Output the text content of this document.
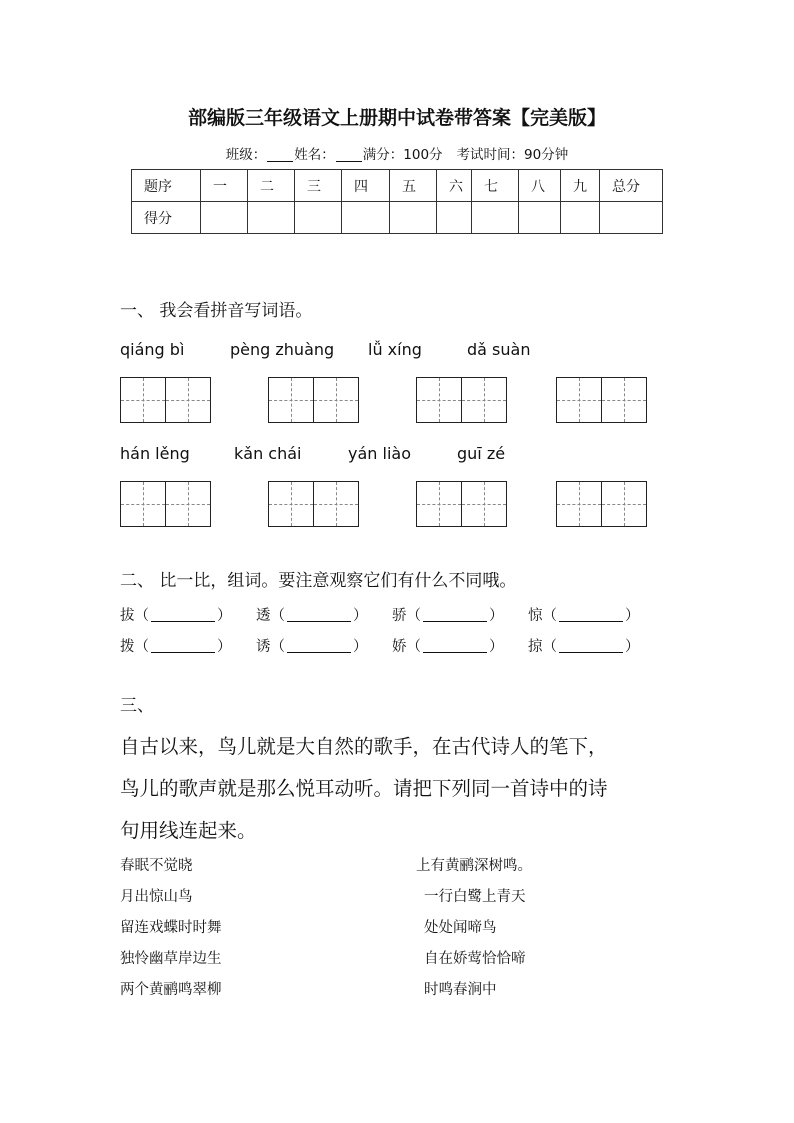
部编版三年级语文上册期中试卷带答案【完美版】
班级： 姓名： 满分：100分 考试时间：90分钟
题序	一	二	三	四	五	六	七	八	九	总分
得分										
一、 我会看拼音写词语。
qiáng bì	pèng zhuàng lǚ xíng	dǎ suàn
hán lěng	kǎn chái	yán liào	guī zé
二、 比一比，组词。要注意观察它们有什么不同哦。
拔（	） 透（	） 骄（	） 惊（	）
拨（	） 诱（	） 娇（	） 掠（	）
三、
自古以来，鸟儿就是大自然的歌手，在古代诗人的笔下，
鸟儿的歌声就是那么悦耳动听。请把下列同一首诗中的诗
句用线连起来。
春眠不觉晓
月出惊山鸟
留连戏蝶时时舞
独怜幽草岸边生
两个黄鹂鸣翠柳
上有黄鹂深树鸣。
一行白鹭上青天
处处闻啼鸟
自在娇莺恰恰啼
时鸣春涧中
